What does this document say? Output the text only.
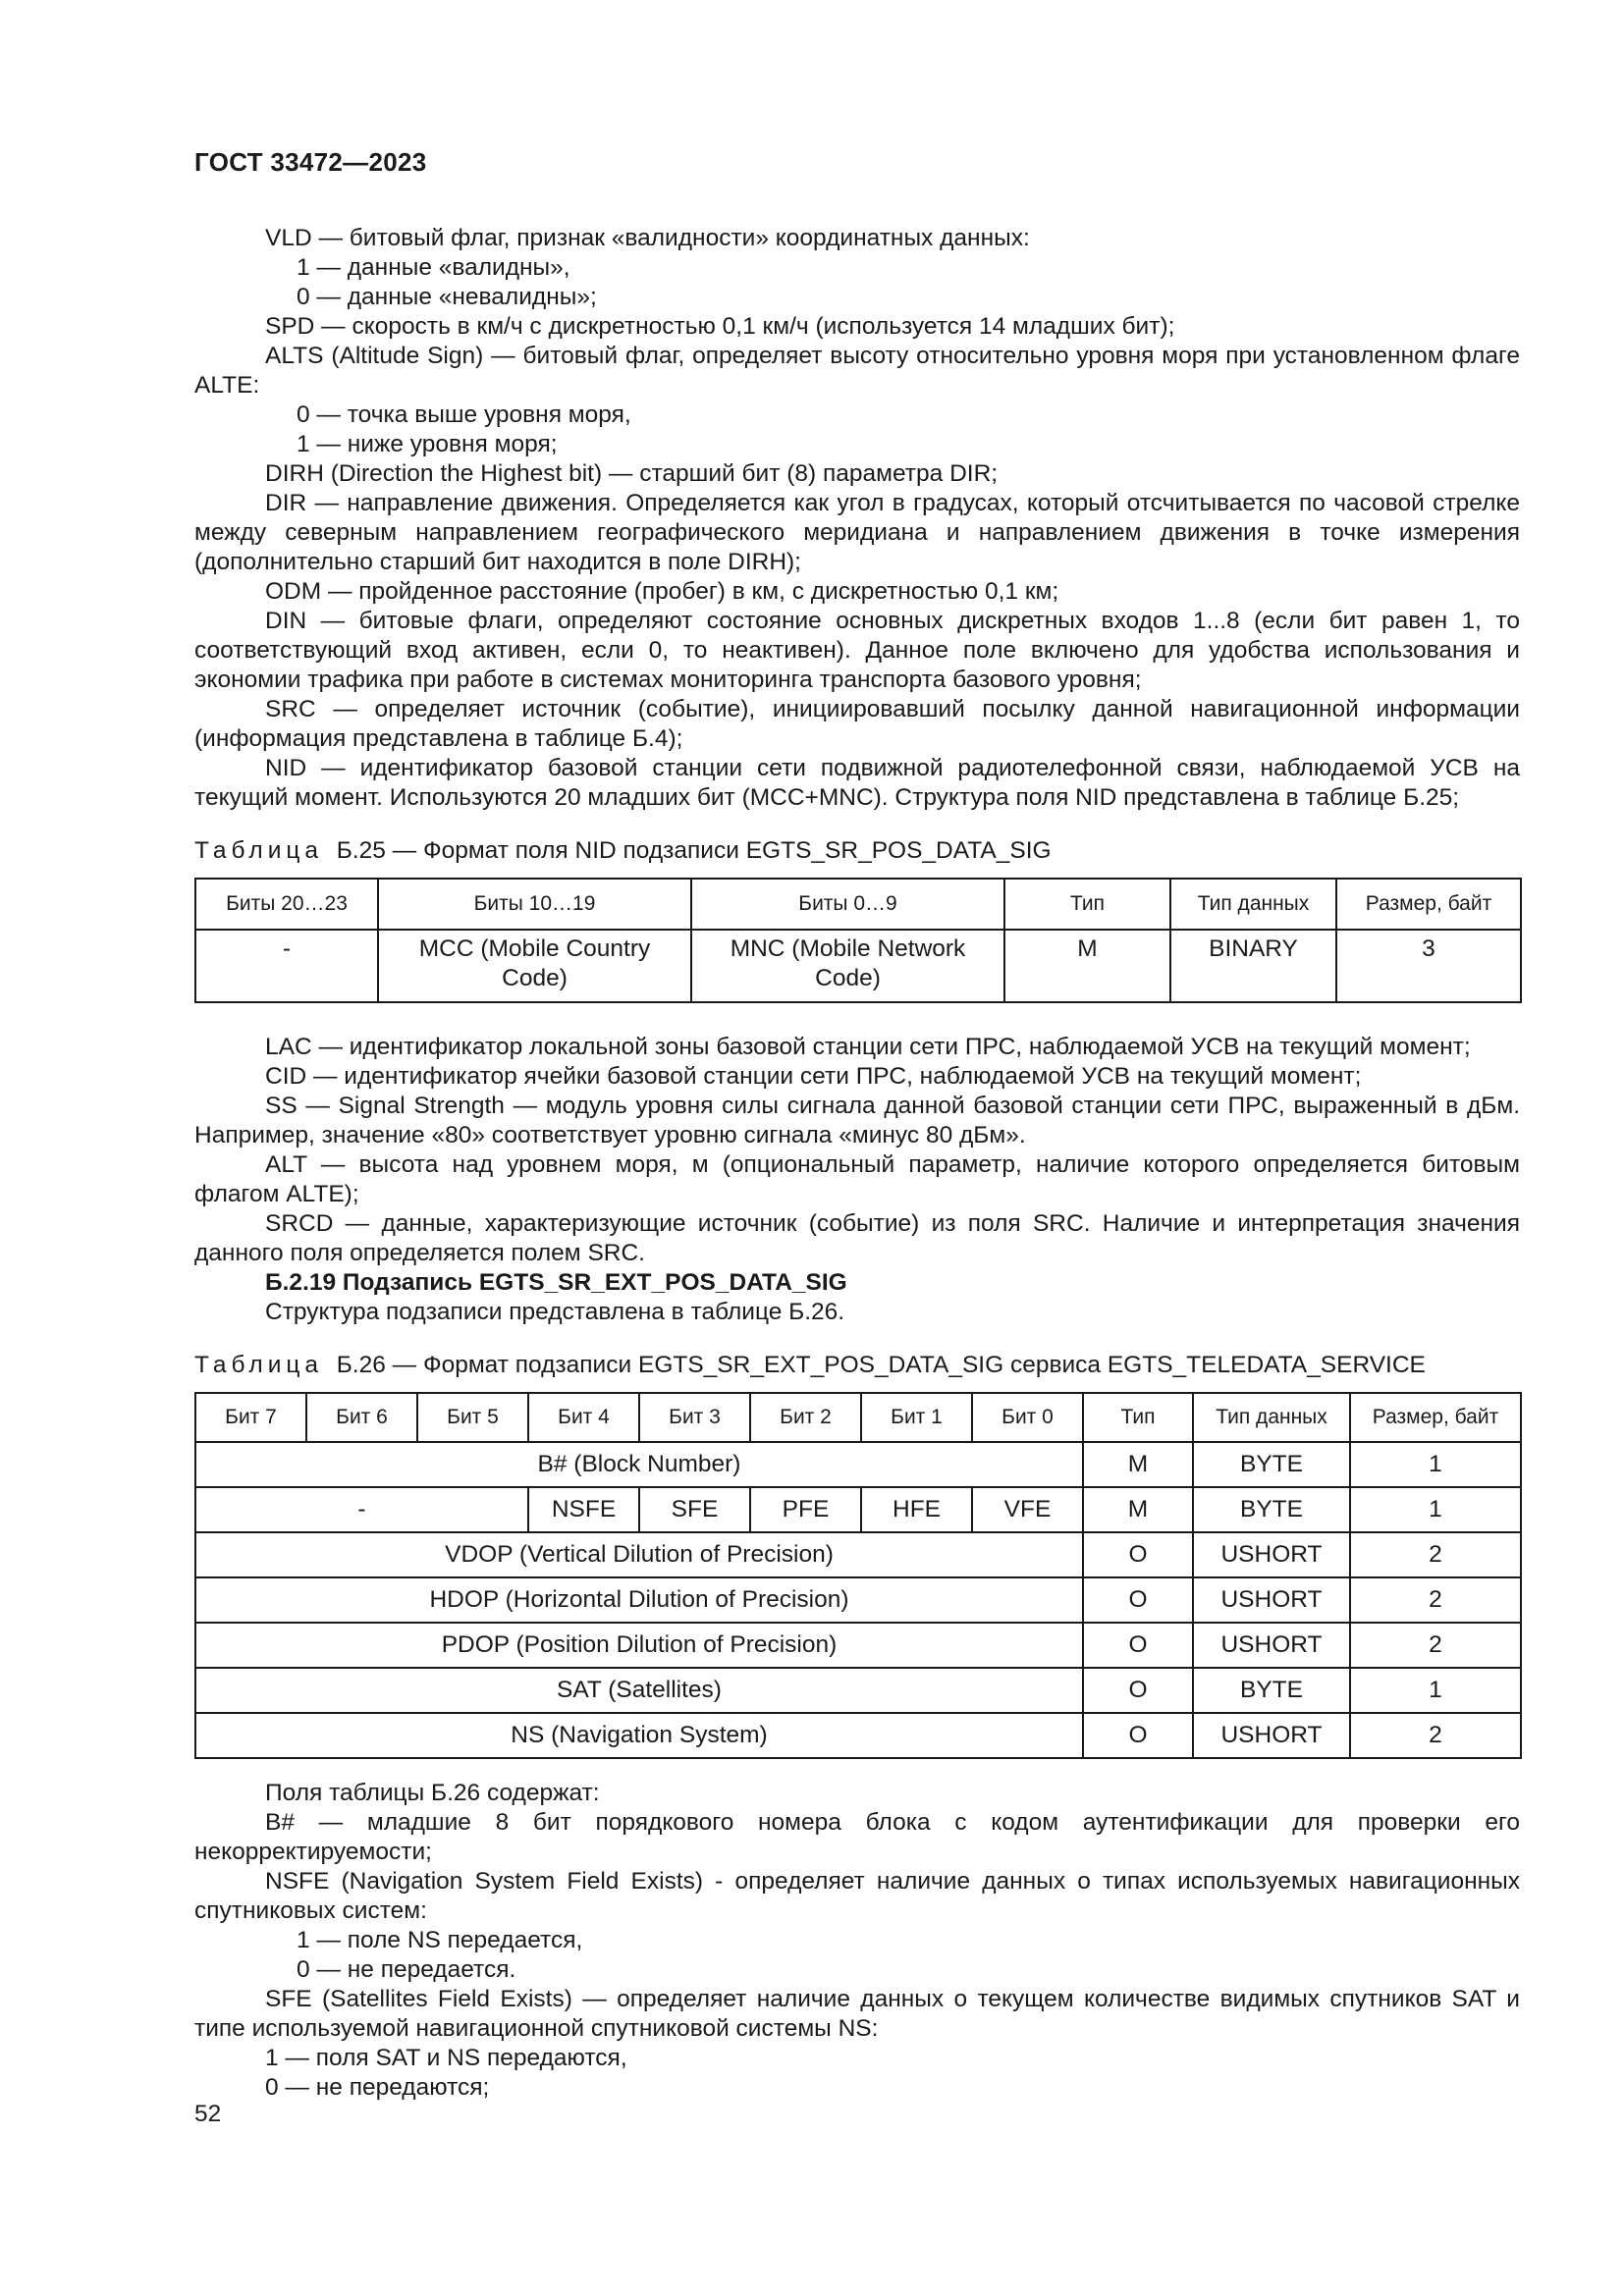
ГОСТ 33472—2023

VLD — битовый флаг, признак «валидности» координатных данных:

1 — данные «валидны»,

0 — данные «невалидны»;

SPD — скорость в км/ч с дискретностью 0,1 км/ч (используется 14 младших бит);

ALTS (Altitude Sign) — битовый флаг, определяет высоту относительно уровня моря при установленном флаге ALTE:

0 — точка выше уровня моря,

1 — ниже уровня моря;

DIRH (Direction the Highest bit) — старший бит (8) параметра DIR;

DIR — направление движения. Определяется как угол в градусах, который отсчитывается по часовой стрелке между северным направлением географического меридиана и направлением движения в точке измерения (дополнительно старший бит находится в поле DIRH);

ODM — пройденное расстояние (пробег) в км, с дискретностью 0,1 км;

DIN — битовые флаги, определяют состояние основных дискретных входов 1...8 (если бит равен 1, то соответствующий вход активен, если 0, то неактивен). Данное поле включено для удобства использования и экономии трафика при работе в системах мониторинга транспорта базового уровня;

SRC — определяет источник (событие), инициировавший посылку данной навигационной информации (информация представлена в таблице Б.4);

NID — идентификатор базовой станции сети подвижной радиотелефонной связи, наблюдаемой УСВ на текущий момент. Используются 20 младших бит (MCC+MNC). Структура поля NID представлена в таблице Б.25;

Таблица Б.25 — Формат поля NID подзаписи EGTS_SR_POS_DATA_SIG
Биты 20…23	Биты 10…19	Биты 0…9	Тип	Тип данных	Размер, байт
-	MCC (Mobile Country Code)	MNC (Mobile Network Code)	M	BINARY	3

LAC — идентификатор локальной зоны базовой станции сети ПРС, наблюдаемой УСВ на текущий момент;

CID — идентификатор ячейки базовой станции сети ПРС, наблюдаемой УСВ на текущий момент;

SS — Signal Strength — модуль уровня силы сигнала данной базовой станции сети ПРС, выраженный в дБм. Например, значение «80» соответствует уровню сигнала «минус 80 дБм».

ALT — высота над уровнем моря, м (опциональный параметр, наличие которого определяется битовым флагом ALTE);

SRCD — данные, характеризующие источник (событие) из поля SRC. Наличие и интерпретация значения данного поля определяется полем SRC.

Б.2.19 Подзапись EGTS_SR_EXT_POS_DATA_SIG

Структура подзаписи представлена в таблице Б.26.

Таблица Б.26 — Формат подзаписи EGTS_SR_EXT_POS_DATA_SIG сервиса EGTS_TELEDATA_SERVICE
Бит 7	Бит 6	Бит 5	Бит 4	Бит 3	Бит 2	Бит 1	Бит 0	Тип	Тип данных	Размер, байт
B# (Block Number)								M	BYTE	1
-			NSFE	SFE	PFE	HFE	VFE	M	BYTE	1
VDOP (Vertical Dilution of Precision)								O	USHORT	2
HDOP (Horizontal Dilution of Precision)								O	USHORT	2
PDOP (Position Dilution of Precision)								O	USHORT	2
SAT (Satellites)								O	BYTE	1
NS (Navigation System)								O	USHORT	2

Поля таблицы Б.26 содержат:

B# — младшие 8 бит порядкового номера блока с кодом аутентификации для проверки его некорректируемости;

NSFE (Navigation System Field Exists) - определяет наличие данных о типах используемых навигационных спутниковых систем:

1 — поле NS передается,

0 — не передается.

SFE (Satellites Field Exists) — определяет наличие данных о текущем количестве видимых спутников SAT и типе используемой навигационной спутниковой системы NS:

1 — поля SAT и NS передаются,

0 — не передаются;

52
